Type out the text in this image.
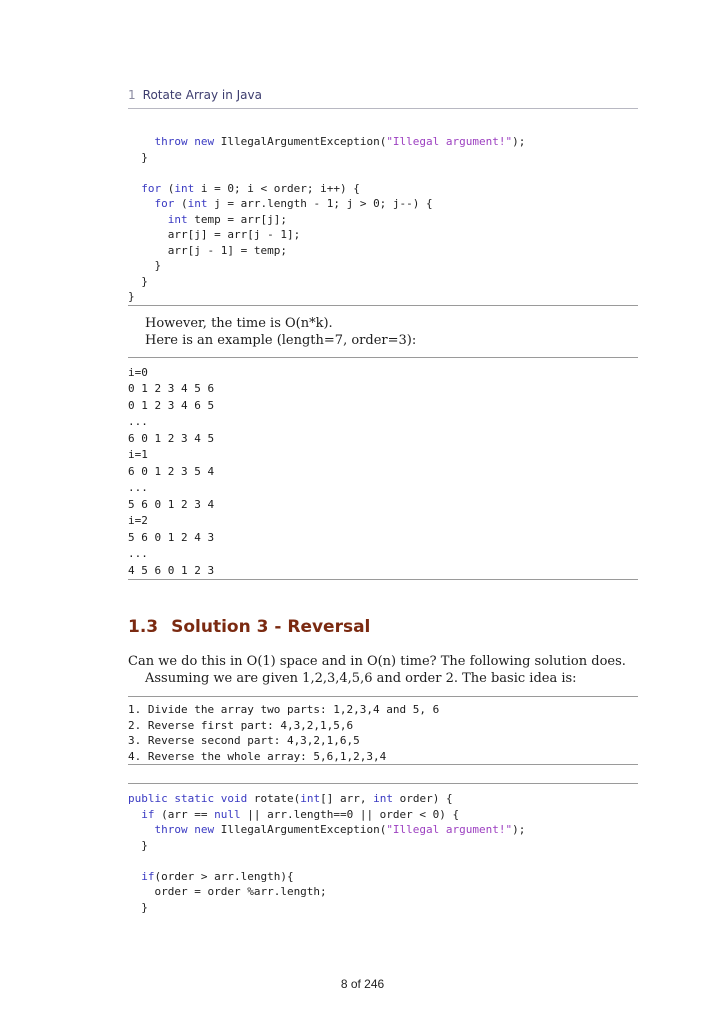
1 Rotate Array in Java
throw new IllegalArgumentException("Illegal argument!");
}

for (int i = 0; i < order; i++) {
for (int j = arr.length - 1; j > 0; j--) {
int temp = arr[j];
arr[j] = arr[j - 1];
arr[j - 1] = temp;
}
}
}
However, the time is O(n*k).
Here is an example (length=7, order=3):
i=0
0 1 2 3 4 5 6
0 1 2 3 4 6 5
...
6 0 1 2 3 4 5
i=1
6 0 1 2 3 5 4
...
5 6 0 1 2 3 4
i=2
5 6 0 1 2 4 3
...
4 5 6 0 1 2 3
1.3 Solution 3 - Reversal
Can we do this in O(1) space and in O(n) time? The following solution does.
Assuming we are given 1,2,3,4,5,6 and order 2. The basic idea is:
1. Divide the array two parts: 1,2,3,4 and 5, 6
2. Reverse first part: 4,3,2,1,5,6
3. Reverse second part: 4,3,2,1,6,5
4. Reverse the whole array: 5,6,1,2,3,4
public static void rotate(int[] arr, int order) {
if (arr == null || arr.length==0 || order < 0) {
throw new IllegalArgumentException("Illegal argument!");
}

if(order > arr.length){
order = order %arr.length;
}
8 of 246
